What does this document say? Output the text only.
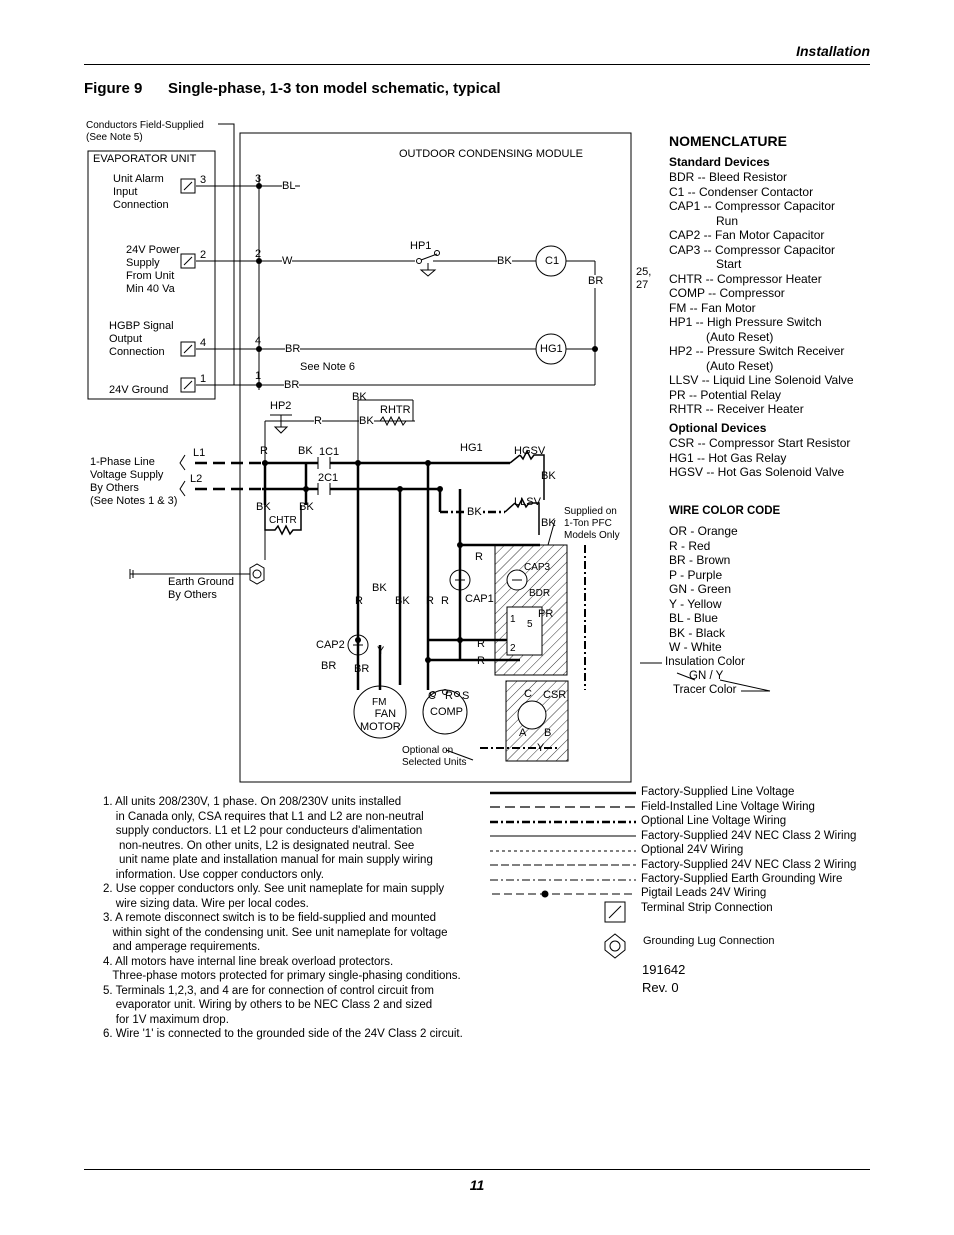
Installation
Figure 9 Single-phase, 1-3 ton model schematic, typical
Conductors Field-Supplied
(See Note 5)
EVAPORATOR UNIT	OUTDOOR CONDENSING MODULE
Unit Alarm
Input
Connection
24V Power
Supply
From Unit
Min 40 Va
HGBP Signal
Output
Connection
24V Ground
3
2
4
1
3
2
4
1
BL
W
BR
BR
See Note 6
HP1
BK	C1
BR
HG1
25,
27
BK
HP2
R	BK
RHTR
1-Phase Line
Voltage Supply
By Others
(See Notes 1 & 3)
L1
L2
R	BK 1C1
2C1
HG1	HGSV
BK
LLSV
BK
BK
BK	BK
CHTR
Supplied on
1-Ton PFC
Models Only
Earth Ground
By Others
CAP3
BDR
CAP1
PR
1 5
2
R
R
R
BK
R	BK R R
CAP2	Y
BR BR
FM
FAN
MOTOR
C R S
COMP
C CSR
A B
Y
Optional on
Selected Units
NOMENCLATURE
Standard Devices
BDR -- Bleed Resistor
C1 -- Condenser Contactor
CAP1 -- Compressor Capacitor
Run
CAP2 -- Fan Motor Capacitor
CAP3 -- Compressor Capacitor
Start
CHTR -- Compressor Heater
COMP -- Compressor
FM -- Fan Motor
HP1 -- High Pressure Switch
(Auto Reset)
HP2 -- Pressure Switch Receiver
(Auto Reset)
LLSV -- Liquid Line Solenoid Valve
PR -- Potential Relay
RHTR -- Receiver Heater
Optional Devices
CSR -- Compressor Start Resistor
HG1 -- Hot Gas Relay
HGSV -- Hot Gas Solenoid Valve
WIRE COLOR CODE
OR - Orange
R - Red
BR - Brown
P - Purple
GN - Green
Y - Yellow
BL - Blue
BK - Black
W - White
Insulation Color
GN / Y
Tracer Color
1. All units 208/230V, 1 phase. On 208/230V units installed
in Canada only, CSA requires that L1 and L2 are non-neutral
supply conductors. L1 et L2 pour conducteurs d'alimentation
non-neutres. On other units, L2 is designated neutral. See
unit name plate and installation manual for main supply wiring
information. Use copper conductors only.
2. Use copper conductors only. See unit nameplate for main supply
wire sizing data. Wire per local codes.
3. A remote disconnect switch is to be field-supplied and mounted
within sight of the condensing unit. See unit nameplate for voltage
and amperage requirements.
4. All motors have internal line break overload protectors.
Three-phase motors protected for primary single-phasing conditions.
5. Terminals 1,2,3, and 4 are for connection of control circuit from
evaporator unit. Wiring by others to be NEC Class 2 and sized
for 1V maximum drop.
6. Wire '1' is connected to the grounded side of the 24V Class 2 circuit.
Factory-Supplied Line Voltage
Field-Installed Line Voltage Wiring
Optional Line Voltage Wiring
Factory-Supplied 24V NEC Class 2 Wiring
Optional 24V Wiring
Factory-Supplied 24V NEC Class 2 Wiring
Factory-Supplied Earth Grounding Wire
Pigtail Leads 24V Wiring
Terminal Strip Connection
Grounding Lug Connection
191642
Rev. 0
11
